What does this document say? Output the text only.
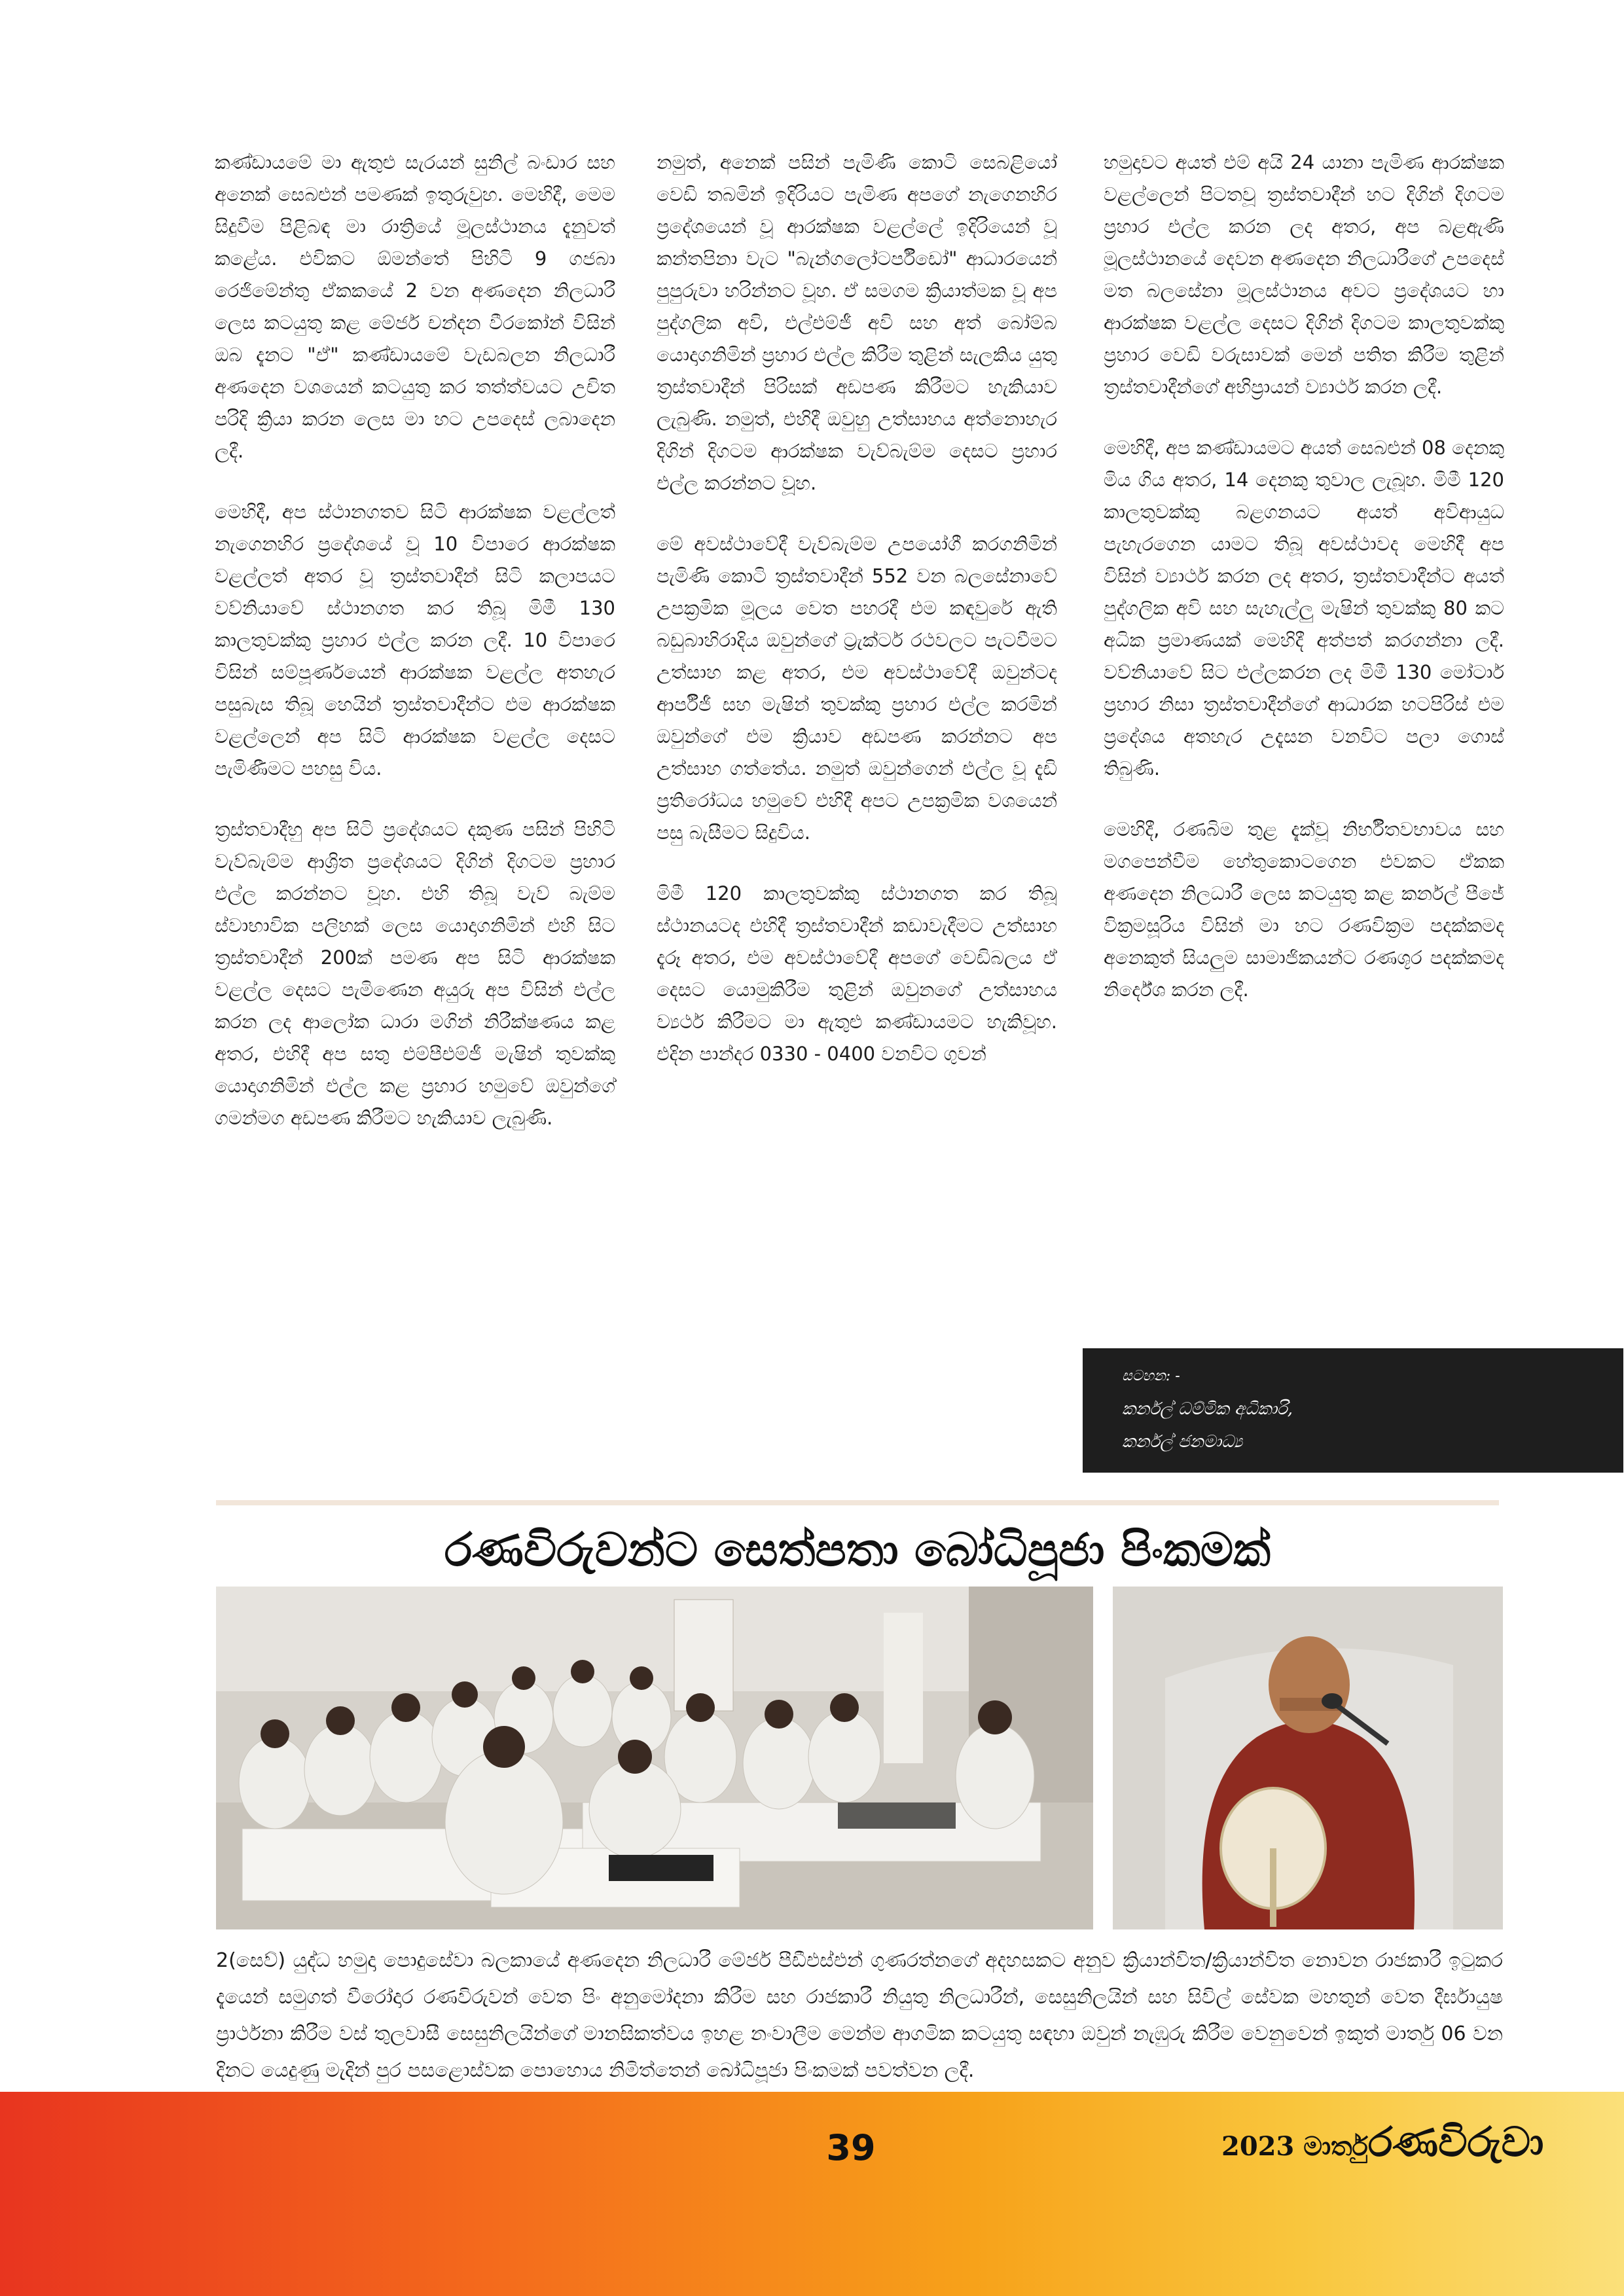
කණ්ඩායමේ මා ඇතුළු සැරයන් සුනිල් බංඩාර සහ අනෙක් සෙබළුන් පමණක් ඉතුරුවුහ. මෙහිදී, මෙම සිදුවීම පිළිබඳ මා රාත්‍රියේ මූලස්ථානය දැනුවත් කළේය. එවිකට ඕමන්තේ පිහිටි 9 ගජබා රෙජිමේන්තු ඒකකයේ 2 වන අණදෙන නිලධාරී ලෙස කටයුතු කළ මේජර් චන්දන වීරකෝන් විසින් ඔබ දැනට "ඒ" කණ්ඩායමේ වැඩබලන නිලධාරී අණදෙන වශයෙන් කටයුතු කර තත්ත්වයට උචිත පරිදි ක්‍රියා කරන ලෙස මා හට උපදෙස් ලබාදෙන ලදී.

මෙහිදී, අප ස්ථානගතව සිටි ආරක්ෂක වළල්ලත් නැගෙනහිර ප්‍රදේශයේ වූ 10 විපාරෙ ආරක්ෂක වළල්ලත් අතර වූ ත්‍රස්තවාදීන් සිටි කලාපයට වව්නියාවේ ස්ථානගත කර තිබූ මිමී 130 කාලතුවක්කු ප්‍රහාර එල්ල කරන ලදී. 10 විපාරෙ විසින් සම්පූර්ණයෙන් ආරක්ෂක වළල්ල අතහැර පසුබැස තිබූ හෙයින් ත්‍රස්තවාදීන්ට එම ආරක්ෂක වළල්ලෙන් අප සිටි ආරක්ෂක වළල්ල දෙසට පැමිණීමට පහසු විය.

ත්‍රස්තවාදීහු අප සිටි ප්‍රදේශයට දකුණ පසින් පිහිටි වැව්බැම්ම ආශ්‍රිත ප්‍රදේශයට දිගින් දිගටම ප්‍රහාර එල්ල කරන්නට වූහ. එහි තිබූ වැව් බැම්ම ස්වාභාවික පලිහක් ලෙස යොදාගනිමින් එහි සිට ත්‍රස්තවාදීන් 200ක් පමණ අප සිටි ආරක්ෂක වළල්ල දෙසට පැමිණෙන අයුරු අප විසින් එල්ල කරන ලද ආලෝක ධාරා මගින් නිරීක්ෂණය කළ අතර, එහිදී අප සතු එම්පීඑම්ජී මැෂින් තුවක්කු යොදාගනිමින් එල්ල කළ ප්‍රහාර හමුවේ ඔවුන්ගේ ගමන්මග අඩපණ කිරීමට හැකියාව ලැබුණි.

නමුත්, අනෙක් පසින් පැමිණි කොටි සෙබළියෝ වෙඩි තබමින් ඉදිරියට පැමිණ අපගේ නැගෙනහිර ප්‍රදේශයෙන් වූ ආරක්ෂක වළල්ලේ ඉදිරියෙන් වූ කන්තපිනා වැට "බැන්ගලෝටර්පීඩෝ" ආධාරයෙන් පුපුරුවා හරින්නට වූහ. ඒ සමගම ක්‍රියාත්මක වූ අප පුද්ගලික අවි, එල්එම්ජී අවි සහ අත් බෝම්බ යොදාගනිමින් ප්‍රහාර එල්ල කිරීම තුළින් සැලකිය යුතු ත්‍රස්තවාදීන් පිරිසක් අඩපණ කිරීමට හැකියාව ලැබුණි. නමුත්, එහිදී ඔවුහු උත්සාහය අත්නොහැර දිගින් දිගටම ආරක්ෂක වැව්බැම්ම දෙසට ප්‍රහාර එල්ල කරන්නට වූහ.

මේ අවස්ථාවේදී වැව්බැම්ම උපයෝගී කරගනිමින් පැමිණි කොටි ත්‍රස්තවාදීන් 552 වන බලසේනාවේ උපක්‍රමික මූලය වෙත පහරදී එම කඳවුරේ ඇති බඩුබාහිරාදිය ඔවුන්ගේ ට්‍රැක්ටර් රථවලට පැටවීමට උත්සාහ කළ අතර, එම අවස්ථාවේදී ඔවුන්ටද ආර්පීජී සහ මැෂින් තුවක්කු ප්‍රහාර එල්ල කරමින් ඔවුන්ගේ එම ක්‍රියාව අඩපණ කරන්නට අප උත්සාහ ගත්තේය. නමුත් ඔවුන්ගෙන් එල්ල වූ දැඩි ප්‍රතිරෝධය හමුවේ එහිදී අපට උපක්‍රමික වශයෙන් පසු බැසීමට සිදුවිය.

මිමී 120 කාලතුවක්කු ස්ථානගත කර තිබූ ස්ථානයටද එහිදී ත්‍රස්තවාදීන් කඩාවැදීමට උත්සාහ දැරූ අතර, එම අවස්ථාවේදී අපගේ වෙඩිබලය ඒ දෙසට යොමුකිරීම තුළින් ඔවුනගේ උත්සාහය ව්‍යර්ථ කිරීමට මා ඇතුළු කණ්ඩායමට හැකිවූහ. එදින පාන්දර 0330 - 0400 වනවිට ගුවන්

හමුදාවට අයත් එම් අයි 24 යානා පැමිණ ආරක්ෂක වළල්ලෙන් පිටතවූ ත්‍රස්තවාදීන් හට දිගින් දිගටම ප්‍රහාර එල්ල කරන ලද අතර, අප බළඇණි මූලස්ථානයේ දෙවන අණදෙන නිලධාරීගේ උපදෙස් මත බලසේනා මූලස්ථානය අවට ප්‍රදේශයට හා ආරක්ෂක වළල්ල දෙසට දිගින් දිගටම කාලතුවක්කු ප්‍රහාර වෙඩි වරුසාවක් මෙන් පතිත කිරීම තුළින් ත්‍රස්තවාදීන්ගේ අභිප්‍රායන් ව්‍යාර්ථ කරන ලදී.

මෙහිදී, අප කණ්ඩායමට අයත් සෙබළුන් 08 දෙනකු මිය ගිය අතර, 14 දෙනකු තුවාල ලැබූහ. මිමී 120 කාලතුවක්කු බළගනයට අයත් අවිආයුධ පැහැරගෙන යාමට තිබූ අවස්ථාවද මෙහිදී අප විසින් ව්‍යාර්ථ කරන ලද අතර, ත්‍රස්තවාදීන්ට අයත් පුද්ගලික අවි සහ සැහැල්ලු මැෂින් තුවක්කු 80 කට අධික ප්‍රමාණයක් මෙහිදී අත්පත් කරගන්නා ලදී. වව්නියාවේ සිට එල්ලකරන ලද මිමී 130 මෝටාර් ප්‍රහාර නිසා ත්‍රස්තවාදීන්ගේ ආධාරක හටපිරිස් එම ප්‍රදේශය අතහැර උදැසන වනවිට පලා ගොස් තිබුණි.

මෙහිදී, රණබිම තුළ දැක්වූ නිර්භීතවභාවය සහ මගපෙන්වීම හේතුකොටගෙන එවකට ඒකක අණදෙන නිලධාරී ලෙස කටයුතු කළ කර්නල් පීජේ වික්‍රමසූරිය විසින් මා හට රණවික්‍රම පදක්කමද අනෙකුත් සියලුම සාමාජිකයන්ට රණශූර පදක්කමද නිර්දේශ කරන ලදී.

සටහන: -
කර්නල් ධම්මික අධිකාරි,
කර්නල් ජනමාධ්‍ය
රණවිරුවන්ට සෙත්පතා බෝධිපූජා පිංකමක්
2(සෙව්) යුද්ධ හමුදා පොදුසේවා බලකායේ අණදෙන නිලධාරී මේජර් පීඩීඑස්එන් ගුණරත්නගේ අදහසකට අනුව ක්‍රියාන්විත/ක්‍රියාන්විත නොවන රාජකාරී ඉටුකර දැයෙන් සමුගත් වීරෝදාර රණවිරුවන් වෙත පිං අනුමෝදනා කිරීම සහ රාජකාරී නියුතු නිලධාරීන්, සෙසුනිලයින් සහ සිවිල් සේවක මහතුන් වෙත දීර්ඝායුෂ ප්‍රාර්ථනා කිරීම වස් තුලවාසී සෙසුනිලයින්ගේ මානසිකත්වය ඉහළ නංවාලීම මෙන්ම ආගමික කටයුතු සඳහා ඔවුන් නැඹුරු කිරීම වෙනුවෙන් ඉකුත් මාර්තු 06 වන දිනට යෙදුණු මැදින් පුර පසළොස්වක පොහොය නිමිත්තෙන් බෝධිපූජා පිංකමක් පවත්වන ලදී.
39	2023 මාර්තු රණවිරුවා
